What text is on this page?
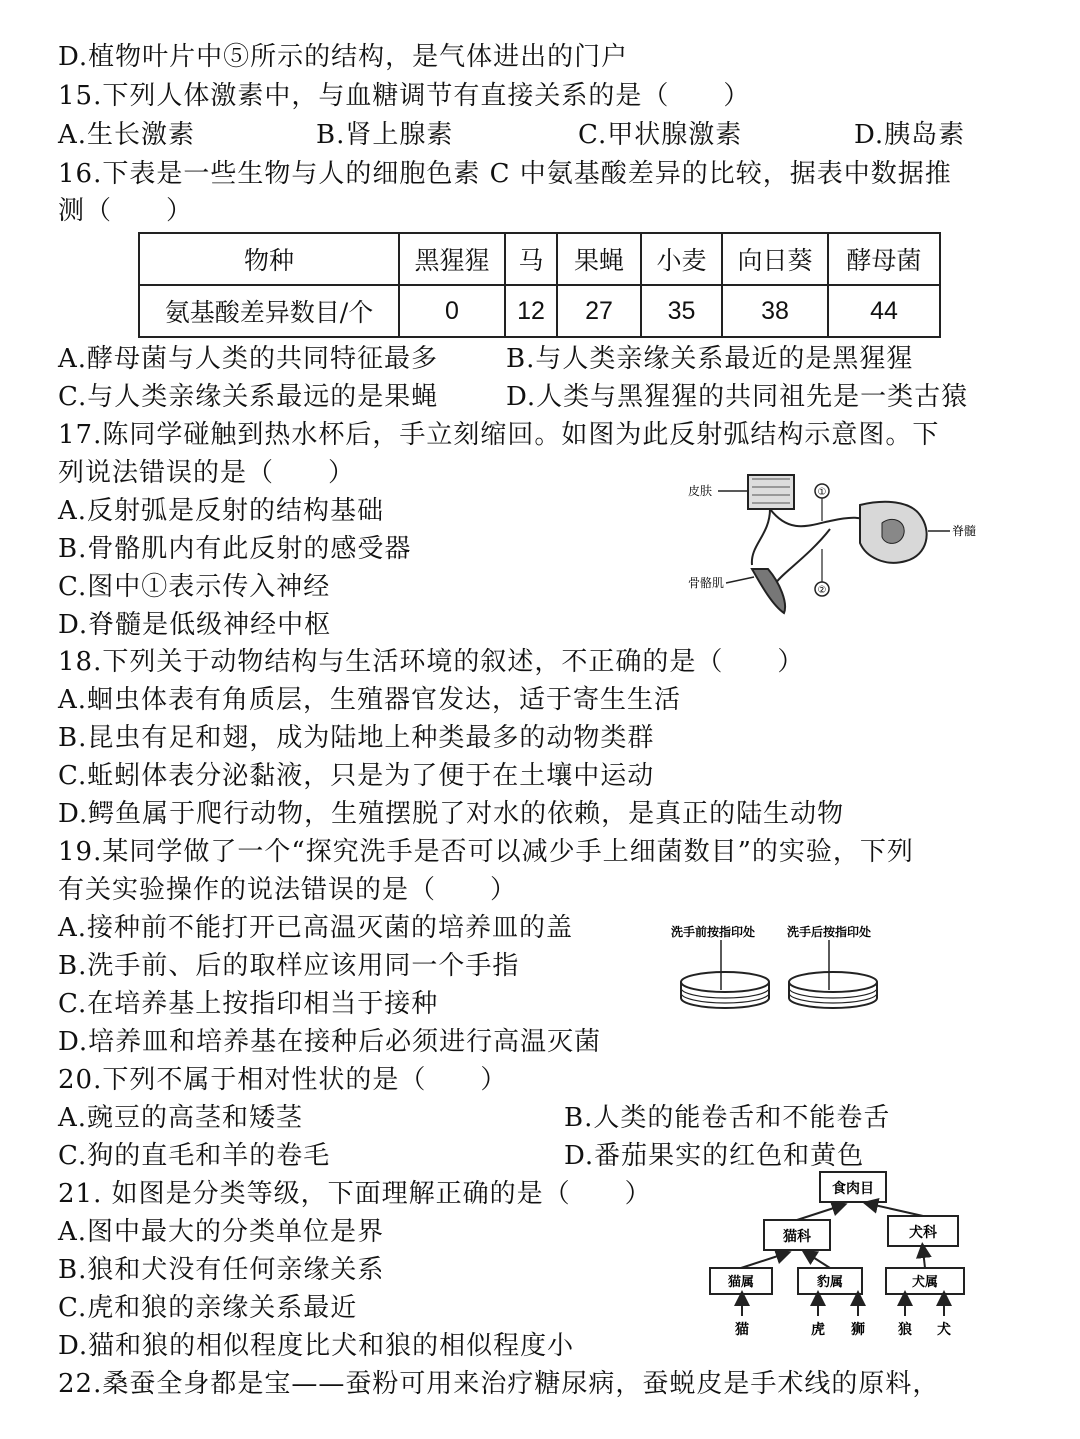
D.植物叶片中⑤所示的结构，是气体进出的门户
15.下列人体激素中，与血糖调节有直接关系的是（　　）
A.生长激素	B.肾上腺素	C.甲状腺激素	D.胰岛素
16.下表是一些生物与人的细胞色素 C 中氨基酸差异的比较，据表中数据推
测（　　）
物种	黑猩猩	马	果蝇	小麦	向日葵	酵母菌
氨基酸差异数目/个	0	12	27	35	38	44
A.酵母菌与人类的共同特征最多	B.与人类亲缘关系最近的是黑猩猩
C.与人类亲缘关系最远的是果蝇	D.人类与黑猩猩的共同祖先是一类古猿
17.陈同学碰触到热水杯后，手立刻缩回。如图为此反射弧结构示意图。下
列说法错误的是（　　）
A.反射弧是反射的结构基础
B.骨骼肌内有此反射的感受器
C.图中①表示传入神经
D.脊髓是低级神经中枢
皮肤	①
②
脊髓
骨骼肌
18.下列关于动物结构与生活环境的叙述，不正确的是（　　）
A.蛔虫体表有角质层，生殖器官发达，适于寄生生活
B.昆虫有足和翅，成为陆地上种类最多的动物类群
C.蚯蚓体表分泌黏液，只是为了便于在土壤中运动
D.鳄鱼属于爬行动物，生殖摆脱了对水的依赖，是真正的陆生动物
19.某同学做了一个“探究洗手是否可以减少手上细菌数目”的实验，下列
有关实验操作的说法错误的是（　　）
A.接种前不能打开已高温灭菌的培养皿的盖
B.洗手前、后的取样应该用同一个手指
C.在培养基上按指印相当于接种
D.培养皿和培养基在接种后必须进行高温灭菌
洗手前按指印处	洗手后按指印处
20.下列不属于相对性状的是（　　）
A.豌豆的高茎和矮茎	B.人类的能卷舌和不能卷舌
C.狗的直毛和羊的卷毛	D.番茄果实的红色和黄色
21. 如图是分类等级，下面理解正确的是（　　）
A.图中最大的分类单位是界
B.狼和犬没有任何亲缘关系
C.虎和狼的亲缘关系最近
D.猫和狼的相似程度比犬和狼的相似程度小
食肉目
猫科	犬科
猫属	豹属	犬属
猫	虎 狮 狼 犬
22.桑蚕全身都是宝——蚕粉可用来治疗糖尿病，蚕蜕皮是手术线的原料，
